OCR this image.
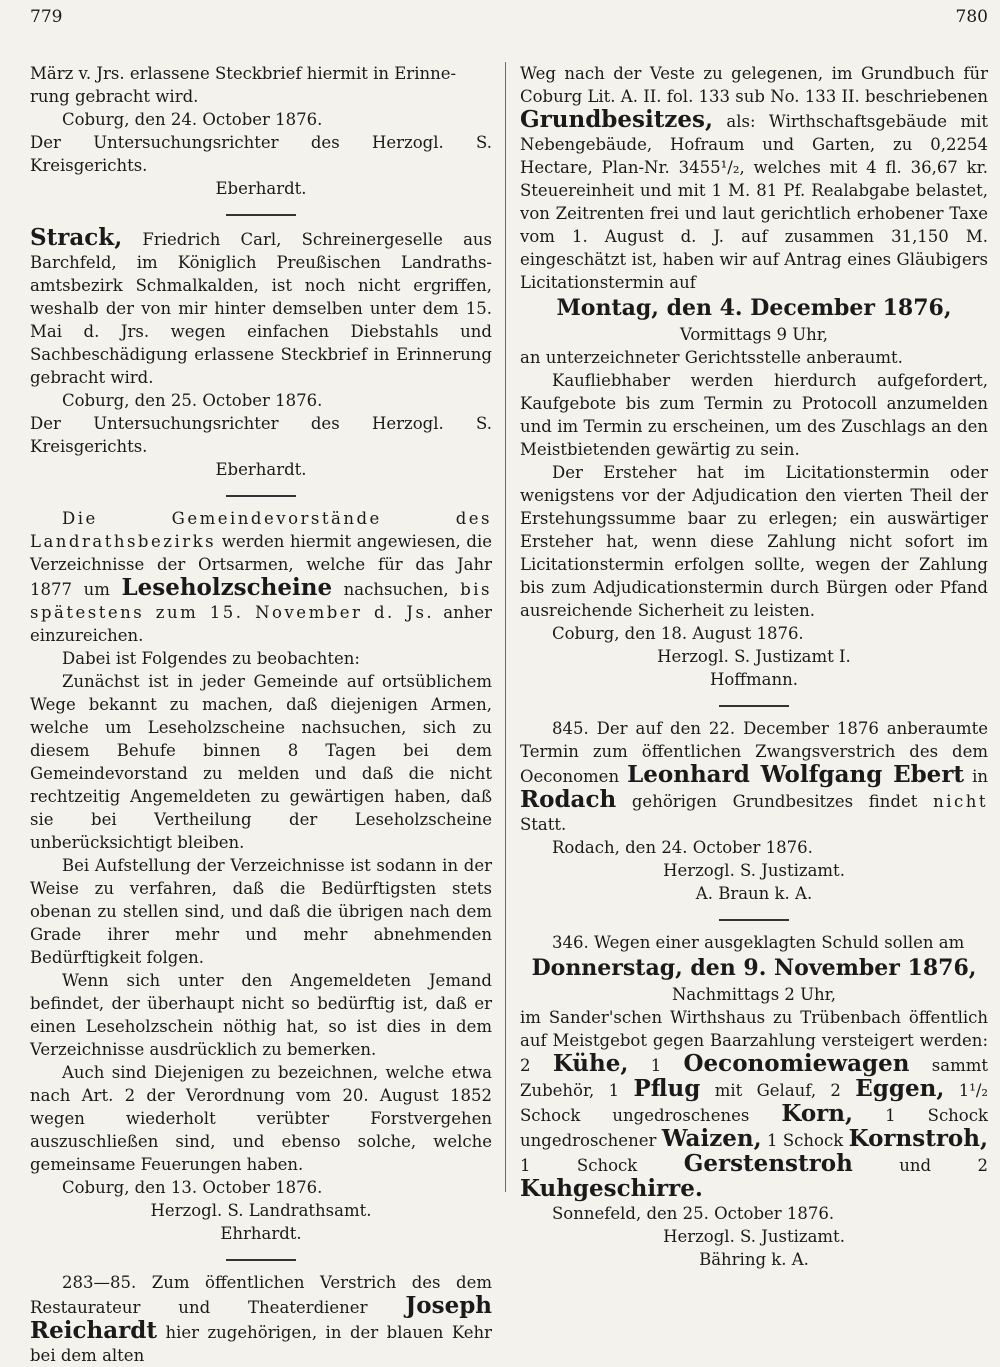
779	780

März v. Jrs. erlassene Steckbrief hiermit in Erinne-

rung gebracht wird.

Coburg, den 24. October 1876.

Der Untersuchungsrichter des Herzogl. S. Kreisgerichts.

Eberhardt.

Strack, Friedrich Carl, Schreinergeselle aus Barchfeld, im Königlich Preußischen Landraths-amtsbezirk Schmalkalden, ist noch nicht ergriffen, weshalb der von mir hinter demselben unter dem 15. Mai d. Jrs. wegen einfachen Diebstahls und Sachbeschädigung erlassene Steckbrief in Erinnerung gebracht wird.

Coburg, den 25. October 1876.

Der Untersuchungsrichter des Herzogl. S. Kreisgerichts.

Eberhardt.

Die Gemeindevorstände des Landrathsbezirks werden hiermit angewiesen, die Verzeichnisse der Ortsarmen, welche für das Jahr 1877 um Leseholzscheine nachsuchen, bis spätestens zum 15. November d. Js. anher einzureichen.

Dabei ist Folgendes zu beobachten:

Zunächst ist in jeder Gemeinde auf ortsüblichem Wege bekannt zu machen, daß diejenigen Armen, welche um Leseholzscheine nachsuchen, sich zu diesem Behufe binnen 8 Tagen bei dem Gemeindevorstand zu melden und daß die nicht rechtzeitig Angemeldeten zu gewärtigen haben, daß sie bei Vertheilung der Leseholzscheine unberücksichtigt bleiben.

Bei Aufstellung der Verzeichnisse ist sodann in der Weise zu verfahren, daß die Bedürftigsten stets obenan zu stellen sind, und daß die übrigen nach dem Grade ihrer mehr und mehr abnehmenden Bedürftigkeit folgen.

Wenn sich unter den Angemeldeten Jemand befindet, der überhaupt nicht so bedürftig ist, daß er einen Leseholzschein nöthig hat, so ist dies in dem Verzeichnisse ausdrücklich zu bemerken.

Auch sind Diejenigen zu bezeichnen, welche etwa nach Art. 2 der Verordnung vom 20. August 1852 wegen wiederholt verübter Forstvergehen auszuschließen sind, und ebenso solche, welche gemeinsame Feuerungen haben.

Coburg, den 13. October 1876.

Herzogl. S. Landrathsamt.

Ehrhardt.

283—85. Zum öffentlichen Verstrich des dem Restaurateur und Theaterdiener Joseph Reichardt hier zugehörigen, in der blauen Kehr bei dem alten

Weg nach der Veste zu gelegenen, im Grundbuch für Coburg Lit. A. II. fol. 133 sub No. 133 II. beschriebenen Grundbesitzes, als: Wirthschaftsgebäude mit Nebengebäude, Hofraum und Garten, zu 0,2254 Hectare, Plan-Nr. 3455¹/₂, welches mit 4 fl. 36,67 kr. Steuereinheit und mit 1 M. 81 Pf. Realabgabe belastet, von Zeitrenten frei und laut gerichtlich erhobener Taxe vom 1. August d. J. auf zusammen 31,150 M. eingeschätzt ist, haben wir auf Antrag eines Gläubigers Licitationstermin auf

Montag, den 4. December 1876,

Vormittags 9 Uhr,

an unterzeichneter Gerichtsstelle anberaumt.

Kaufliebhaber werden hierdurch aufgefordert, Kaufgebote bis zum Termin zu Protocoll anzumelden und im Termin zu erscheinen, um des Zuschlags an den Meistbietenden gewärtig zu sein.

Der Ersteher hat im Licitationstermin oder wenigstens vor der Adjudication den vierten Theil der Erstehungssumme baar zu erlegen; ein auswärtiger Ersteher hat, wenn diese Zahlung nicht sofort im Licitationstermin erfolgen sollte, wegen der Zahlung bis zum Adjudicationstermin durch Bürgen oder Pfand ausreichende Sicherheit zu leisten.

Coburg, den 18. August 1876.

Herzogl. S. Justizamt I.

Hoffmann.

845. Der auf den 22. December 1876 anberaumte Termin zum öffentlichen Zwangsverstrich des dem Oeconomen Leonhard Wolfgang Ebert in Rodach gehörigen Grundbesitzes findet nicht Statt.

Rodach, den 24. October 1876.

Herzogl. S. Justizamt.

A. Braun k. A.

346. Wegen einer ausgeklagten Schuld sollen am

Donnerstag, den 9. November 1876,

Nachmittags 2 Uhr,

im Sander'schen Wirthshaus zu Trübenbach öffentlich auf Meistgebot gegen Baarzahlung versteigert werden: 2 Kühe, 1 Oeconomiewagen sammt Zubehör, 1 Pflug mit Gelauf, 2 Eggen, 1¹/₂ Schock ungedroschenes Korn, 1 Schock ungedroschener Waizen, 1 Schock Kornstroh, 1 Schock Gerstenstroh und 2 Kuhgeschirre.

Sonnefeld, den 25. October 1876.

Herzogl. S. Justizamt.

Bähring k. A.
